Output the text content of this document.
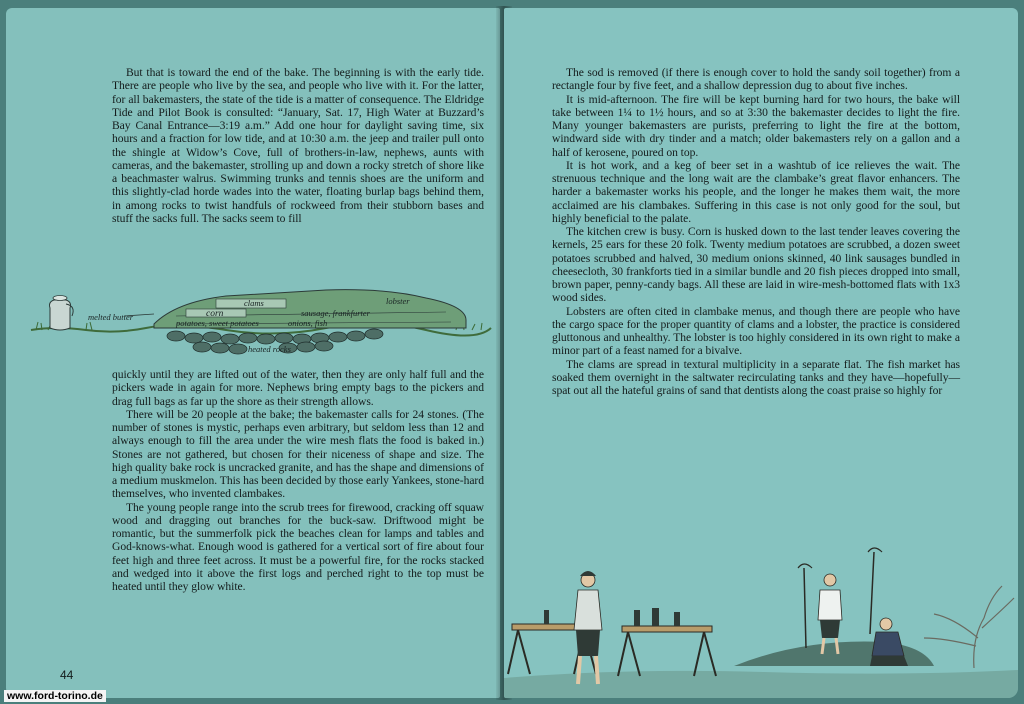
But that is toward the end of the bake. The beginning is with the early tide. There are people who live by the sea, and people who live with it. For the latter, for all bakemasters, the state of the tide is a matter of consequence. The Eldridge Tide and Pilot Book is consulted: “January, Sat. 17, High Water at Buzzard’s Bay Canal Entrance—3:19 a.m.” Add one hour for daylight saving time, six hours and a fraction for low tide, and at 10:30 a.m. the jeep and trailer pull onto the shingle at Widow’s Cove, full of brothers-in-law, nephews, aunts with cameras, and the bakemaster, strolling up and down a rocky stretch of shore like a beachmaster walrus. Swimming trunks and tennis shoes are the uniform and this slightly-clad horde wades into the water, floating burlap bags behind them, in among rocks to twist handfuls of rockweed from their stubborn bases and stuff the sacks full. The sacks seem to fill

melted butter
clams
corn	sausage, frankfurter
lobster
potatoes, sweet potatoes	onions, fish
heated rocks

quickly until they are lifted out of the water, then they are only half full and the pickers wade in again for more. Nephews bring empty bags to the pickers and drag full bags as far up the shore as their strength allows.

There will be 20 people at the bake; the bakemaster calls for 24 stones. (The number of stones is mystic, perhaps even arbitrary, but seldom less than 12 and always enough to fill the area under the wire mesh flats the food is baked in.) Stones are not gathered, but chosen for their niceness of shape and size. The high quality bake rock is uncracked granite, and has the shape and dimensions of a medium muskmelon. This has been decided by those early Yankees, stone-hard themselves, who invented clambakes.

The young people range into the scrub trees for firewood, cracking off squaw wood and dragging out branches for the buck-saw. Driftwood might be romantic, but the summerfolk pick the beaches clean for lamps and tables and God-knows-what. Enough wood is gathered for a vertical sort of fire about four feet high and three feet across. It must be a powerful fire, for the rocks stacked and wedged into it above the first logs and perched right to the top must be heated until they glow white.

44

The sod is removed (if there is enough cover to hold the sandy soil together) from a rectangle four by five feet, and a shallow depression dug to about five inches.

It is mid-afternoon. The fire will be kept burning hard for two hours, the bake will take between 1¼ to 1½ hours, and so at 3:30 the bakemaster decides to light the fire. Many younger bakemasters are purists, preferring to light the fire at the bottom, windward side with dry tinder and a match; older bakemasters rely on a gallon and a half of kerosene, poured on top.

It is hot work, and a keg of beer set in a washtub of ice relieves the wait. The strenuous technique and the long wait are the clambake’s great flavor enhancers. The harder a bakemaster works his people, and the longer he makes them wait, the more acclaimed are his clambakes. Suffering in this case is not only good for the soul, but highly beneficial to the palate.

The kitchen crew is busy. Corn is husked down to the last tender leaves covering the kernels, 25 ears for these 20 folk. Twenty medium potatoes are scrubbed, a dozen sweet potatoes scrubbed and halved, 30 medium onions skinned, 40 link sausages bundled in cheesecloth, 30 frankforts tied in a similar bundle and 20 fish pieces dropped into small, brown paper, penny-candy bags. All these are laid in wire-mesh-bottomed flats with 1x3 wood sides.

Lobsters are often cited in clambake menus, and though there are people who have the cargo space for the proper quantity of clams and a lobster, the practice is considered gluttonous and unhealthy. The lobster is too highly considered in its own right to make a minor part of a feast named for a bivalve.

The clams are spread in textural multiplicity in a separate flat. The fish market has soaked them overnight in the saltwater recirculating tanks and they have—hopefully—spat out all the hateful grains of sand that dentists along the coast praise so highly for

www.ford-torino.de
